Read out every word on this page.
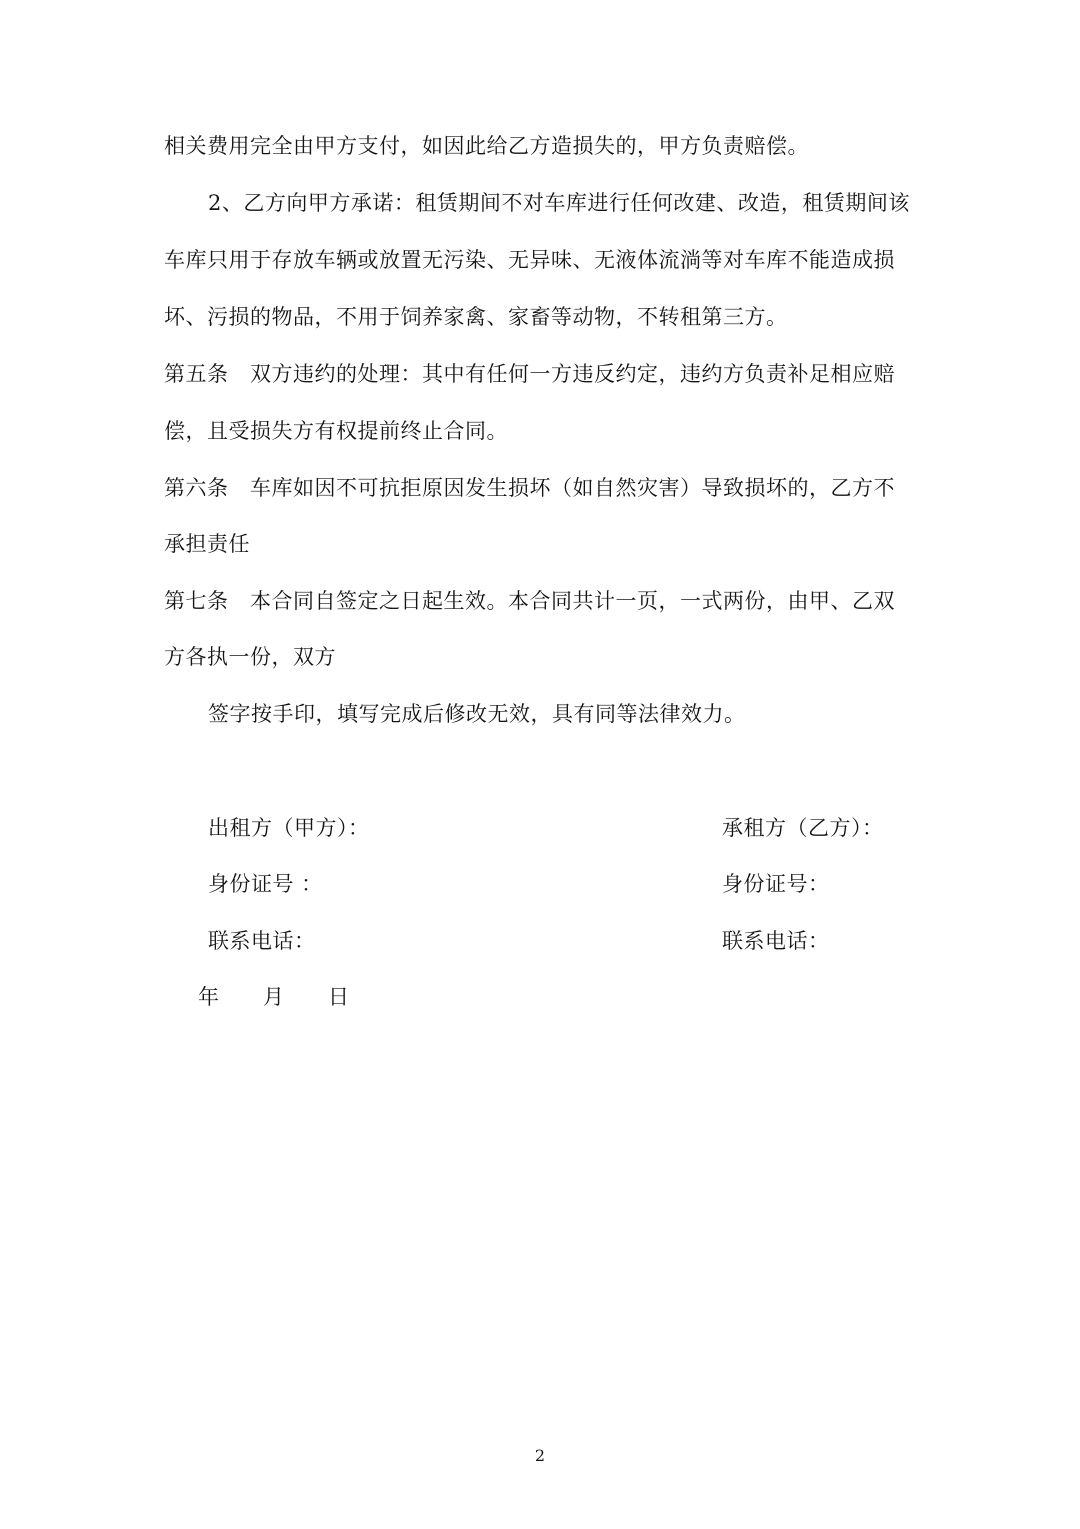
相关费用完全由甲方支付，如因此给乙方造损失的，甲方负责赔偿。
2、乙方向甲方承诺：租赁期间不对车库进行任何改建、改造，租赁期间该
车库只用于存放车辆或放置无污染、无异味、无液体流淌等对车库不能造成损
坏、污损的物品，不用于饲养家禽、家畜等动物，不转租第三方。
第五条　双方违约的处理：其中有任何一方违反约定，违约方负责补足相应赔
偿，且受损失方有权提前终止合同。
第六条　车库如因不可抗拒原因发生损坏（如自然灾害）导致损坏的，乙方不
承担责任
第七条　本合同自签定之日起生效。本合同共计一页，一式两份，由甲、乙双
方各执一份，双方
签字按手印，填写完成后修改无效，具有同等法律效力。
出租方（甲方）：	承租方（乙方）：
身份证号 ：	身份证号：
联系电话：	联系电话：
年 月 日
2
